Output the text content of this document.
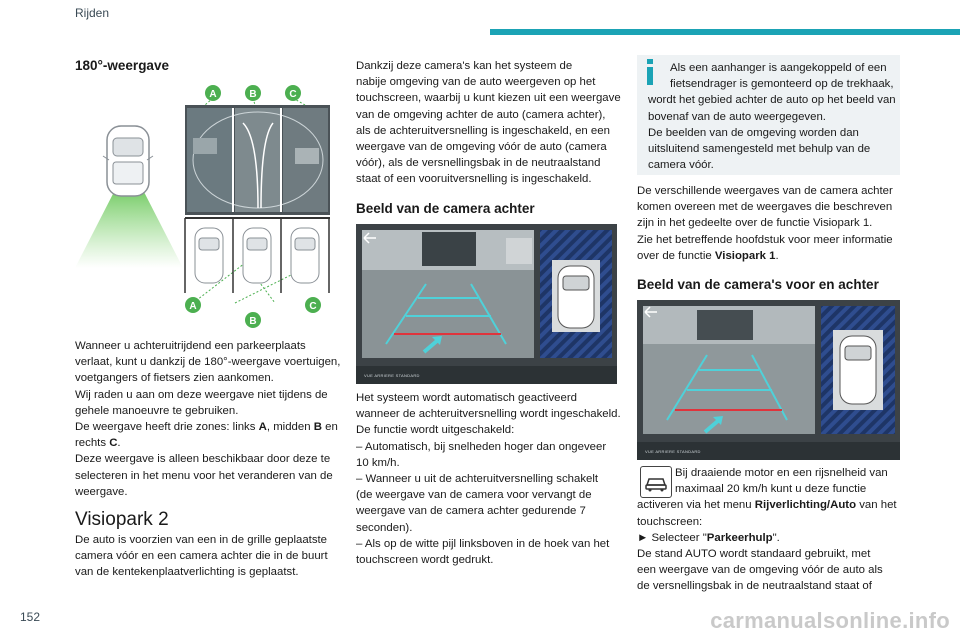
Rijden
180°-weergave
A	B	C
A
B
C
Wanneer u achteruitrijdend een parkeerplaats
verlaat, kunt u dankzij de 180°-weergave voertuigen,
voetgangers of fietsers zien aankomen.
Wij raden u aan om deze weergave niet tijdens de
gehele manoeuvre te gebruiken.
De weergave heeft drie zones: links A, midden B en
rechts C.
Deze weergave is alleen beschikbaar door deze te
selecteren in het menu voor het veranderen van de
weergave.
Visiopark 2
De auto is voorzien van een in de grille geplaatste
camera vóór en een camera achter die in de buurt
van de kentekenplaatverlichting is geplaatst.
Dankzij deze camera's kan het systeem de
nabije omgeving van de auto weergeven op het
touchscreen, waarbij u kunt kiezen uit een weergave
van de omgeving achter de auto (camera achter),
als de achteruitversnelling is ingeschakeld, en een
weergave van de omgeving vóór de auto (camera
vóór), als de versnellingsbak in de neutraalstand
staat of een vooruitversnelling is ingeschakeld.
Beeld van de camera achter
VUE ARRIERE STANDARD
Het systeem wordt automatisch geactiveerd
wanneer de achteruitversnelling wordt ingeschakeld.
De functie wordt uitgeschakeld:
– Automatisch, bij snelheden hoger dan ongeveer
10 km/h.
– Wanneer u uit de achteruitversnelling schakelt
(de weergave van de camera voor vervangt de
weergave van de camera achter gedurende 7
seconden).
– Als op de witte pijl linksboven in de hoek van het
touchscreen wordt gedrukt.
Als een aanhanger is aangekoppeld of een
fietsendrager is gemonteerd op de trekhaak,
wordt het gebied achter de auto op het beeld van
bovenaf van de auto weergegeven.
De beelden van de omgeving worden dan
uitsluitend samengesteld met behulp van de
camera vóór.
De verschillende weergaves van de camera achter
komen overeen met de weergaves die beschreven
zijn in het gedeelte over de functie Visiopark 1.
Zie het betreffende hoofdstuk voor meer informatie
over de functie Visiopark 1.
Beeld van de camera's voor en achter
VUE ARRIERE STANDARD
Bij draaiende motor en een rijsnelheid van
maximaal 20 km/h kunt u deze functie
activeren via het menu Rijverlichting/Auto van het
touchscreen:
► Selecteer "Parkeerhulp".
De stand AUTO wordt standaard gebruikt, met
een weergave van de omgeving vóór de auto als
de versnellingsbak in de neutraalstand staat of
152	carmanualsonline.info
